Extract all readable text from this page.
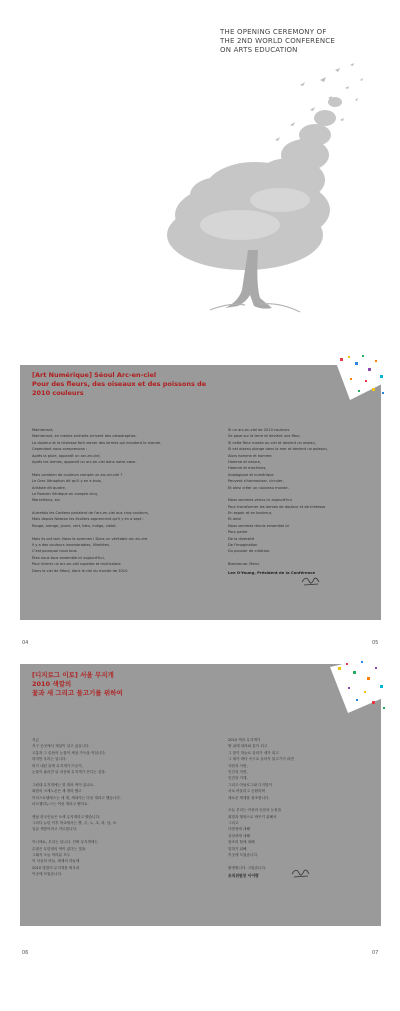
THE OPENING CEREMONY OF
THE 2ND WORLD CONFERENCE
ON ARTS EDUCATION
[Art Numérique] Séoul Arc-en-ciel
Pour des fleurs, des oiseaux et des poissons de
2010 couleurs
Maintenant,
Maintenant, en maints endroits arrivent des catastrophes.
La douleur et la tristesse font verser des larmes qui inondent le monde.
Cependant nous comprenons :
Après la pluie, apparaît un arc-en-ciel,
Après les larmes, apparaît un arc-en-ciel dans notre cœur.
Mais combien de couleurs compte un arc-en-ciel ?
Le Grec Xénophon dit qu'il y en a trois,
Aristote dit quatre,
Le Romain Sénèque en compte cinq,
Marcellinus, six.
Autrefois les Coréens parlaient de l'arc-en-ciel aux cinq couleurs,
Mais depuis Newton les écoliers apprennent qu'il y en a sept :
Rouge, orange, jaune, vert, bleu, indigo, violet.
Mais ils ont tort. Nous le sommes ! Dans un véritable arc-en-ciel
Il y a des couleurs innombrables, illimitées.
C'est pourquoi nous tous
Êtes nous tous ensemble ici aujourd'hui,
Pour former un arc-en-ciel superbe et multicolore
Dans le ciel de Séoul, dans le ciel du monde de 2010.
Si un arc-en-ciel de 2010 couleurs
Se pose sur la terre et devient une fleur,
Si cette fleur monte au ciel et devient un oiseau,
Si cet oiseau plonge dans la mer et devient un poisson,
Alors homme et homme,
Homme et nature,
Homme et machines,
Analogique et numérique
Peuvent s'harmoniser, circuler,
Et ainsi créer un nouveau monde.
Nous sommes venus ici aujourd'hui
Pour transformer les larmes de douleur et de tristesse
En espoir et en bonheur,
Et ainsi
Nous sommes réunis ensemble ici
Pour parler
De la diversité
De l'imagination
Du pouvoir de création.
Bienvenue. Merci.
Lee O-Young, Président de la Conférence
04	05
[디지로그 이토] 서울 무지개
2010 색깔의
꽃과 새 그리고 물고기를 위하여
지금
지구 곳곳에서 재앙이 일고 있습니다.
고통과 그 슬픔의 눈물이 세상 가득을 적십니다.
하지만 우리는 압니다.
비가 내린 뒤에 무지개가 뜨듯이,
눈물이 흘러간 뒤 마음에 무지개가 뜬다는 것을.
그런데 무지개에는 몇 개의 색이 있나요.
희랍의 크세노폰은 세 개라 했고
아리스토텔레스는 네 개, 세네카는 다섯 개라고 했습니다.
마르첼리누스는 여섯 개라고 했지요.
옛날 한국인들은 오색 무지개라고 했습니다.
그러다 뉴턴 이후 학교에서는 빨, 주, 노, 초, 파, 남, 보
일곱 색깔이라고 가르칩니다.
아니에요, 우리는 압니다. 진짜 무지개에는
수많은 무한대의 색이 있다는 것을.
그래서 오늘 여러분 모두
이 서울의 하늘, 세계의 하늘에
2010 빛깔의 무지개를 띄우려
이곳에 모였습니다.
2010 색의 무지개가
땅 위에 내려와 꽃이 되고
그 꽃이 하늘로 올라가 새가 되고
그 새가 바다 속으로 들어가 물고기가 되면
사람과 사람,
인간과 자연,
인간과 기계,
그리고 아날로그와 디지털이
서로 어울리고 순환하며
새로운 세계를 창조합니다.
오늘 우리는 아픔과 슬픔의 눈물을
희망과 행복으로 바꾸기 위해서
그리고
다양성에 대해
상상력에 대해
창조의 힘에 대해
말하기 위해
이곳에 모였습니다.
환영합니다. 고맙습니다.
조직위원장 이어령
06	07
